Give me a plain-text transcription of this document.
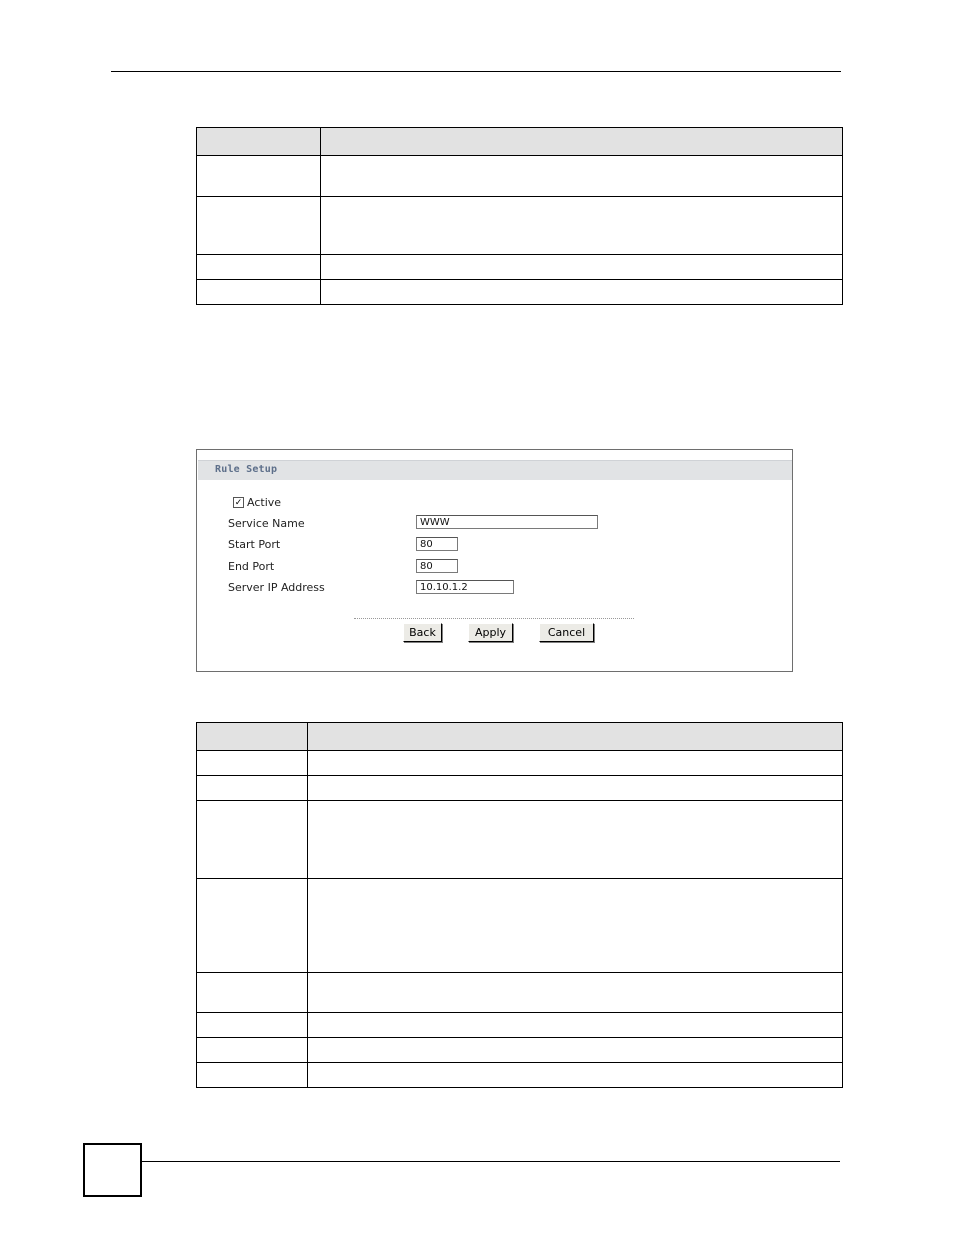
Rule Setup
✓ Active
Service Name
WWW
Start Port
80
End Port
80
Server IP Address
10.10.1.2
Back	Apply	Cancel
